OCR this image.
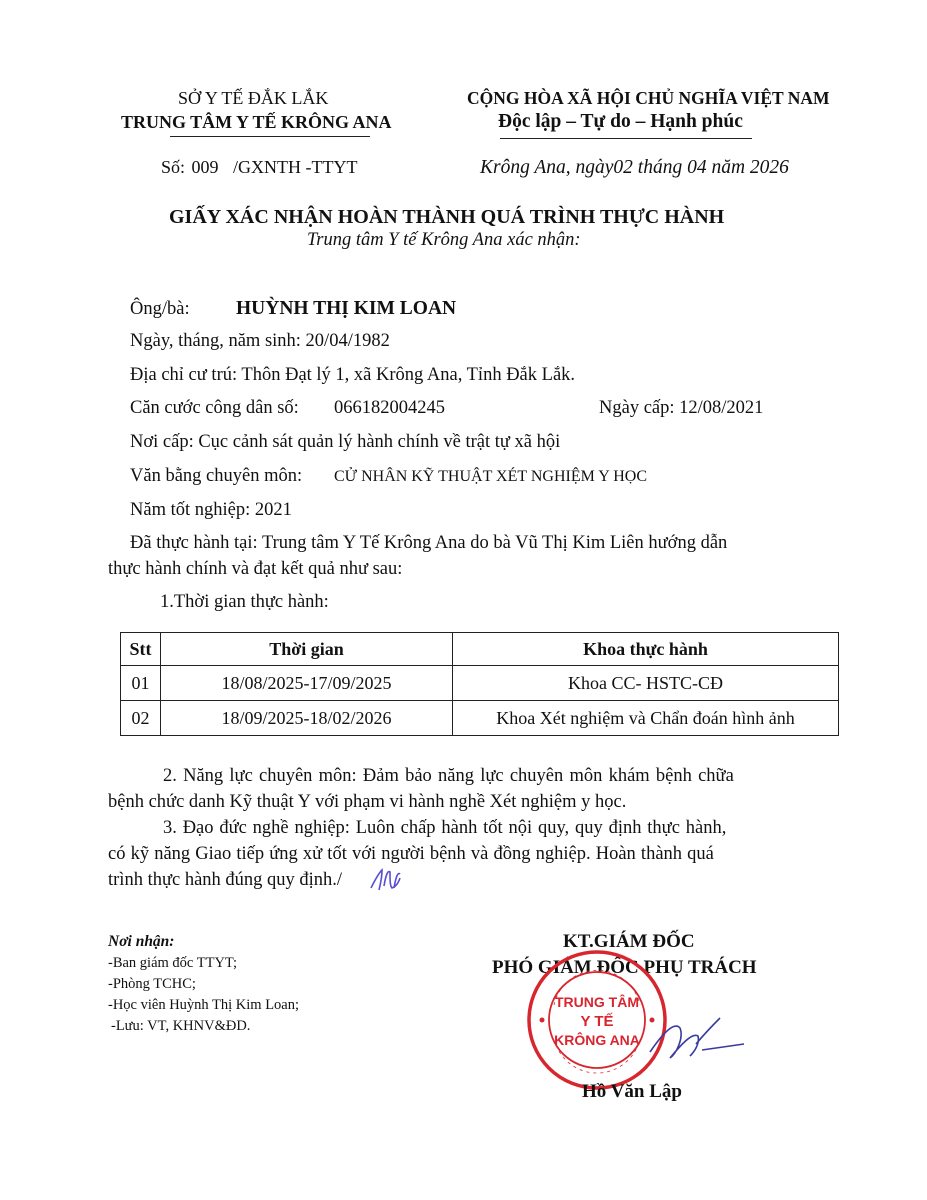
SỞ Y TẾ ĐẮK LẮK
TRUNG TÂM Y TẾ KRÔNG ANA
CỘNG HÒA XÃ HỘI CHỦ NGHĨA VIỆT NAM
Độc lập – Tự do – Hạnh phúc
Số: 009 /GXNTH -TTYT	Krông Ana, ngày02 tháng 04 năm 2026
GIẤY XÁC NHẬN HOÀN THÀNH QUÁ TRÌNH THỰC HÀNH
Trung tâm Y tế Krông Ana xác nhận:
Ông/bà: HUỲNH THỊ KIM LOAN
Ngày, tháng, năm sinh: 20/04/1982
Địa chỉ cư trú: Thôn Đạt lý 1, xã Krông Ana, Tỉnh Đắk Lắk.
Căn cước công dân số: 066182004245	Ngày cấp: 12/08/2021
Nơi cấp: Cục cảnh sát quản lý hành chính về trật tự xã hội
Văn bằng chuyên môn: CỬ NHÂN KỸ THUẬT XÉT NGHIỆM Y HỌC
Năm tốt nghiệp: 2021
Đã thực hành tại: Trung tâm Y Tế Krông Ana do bà Vũ Thị Kim Liên hướng dẫn
thực hành chính và đạt kết quả như sau:
1.Thời gian thực hành:
Stt	Thời gian	Khoa thực hành
01	18/08/2025-17/09/2025	Khoa CC- HSTC-CĐ
02	18/09/2025-18/02/2026	Khoa Xét nghiệm và Chẩn đoán hình ảnh
2. Năng lực chuyên môn: Đảm bảo năng lực chuyên môn khám bệnh chữa
bệnh chức danh Kỹ thuật Y với phạm vi hành nghề Xét nghiệm y học.
3. Đạo đức nghề nghiệp: Luôn chấp hành tốt nội quy, quy định thực hành,
có kỹ năng Giao tiếp ứng xử tốt với người bệnh và đồng nghiệp. Hoàn thành quá
trình thực hành đúng quy định./
Nơi nhận:
-Ban giám đốc TTYT;
-Phòng TCHC;
-Học viên Huỳnh Thị Kim Loan;
-Lưu: VT, KHNV&ĐD.
KT.GIÁM ĐỐC
PHÓ GIÁM ĐỐC PHỤ TRÁCH
TRUNG TÂM
Y TẾ
KRÔNG ANA
Hồ Văn Lập
